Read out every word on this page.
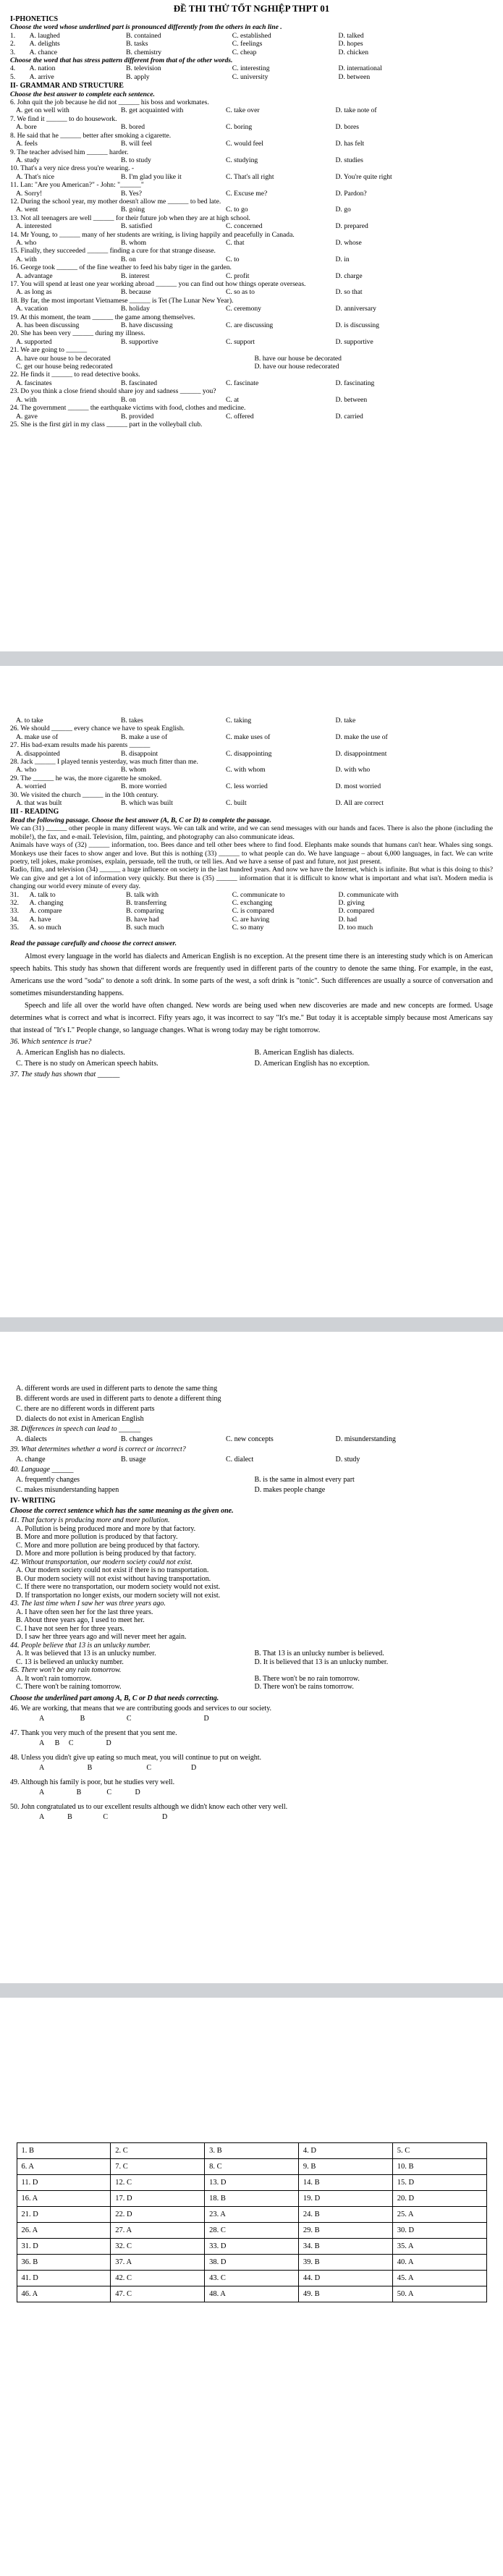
ĐỀ THI THỬ TỐT NGHIỆP THPT 01
I-PHONETICS
Choose the word whose underlined part is pronounced differently from the others in each line .
1.	A. laughed	B. contained	C. established	D. talked
2.	A. delights	B. tasks	C. feelings	D. hopes
3.	A. chance	B. chemistry	C. cheap	D. chicken
Choose the word that has stress pattern different from that of the other words.
4.	A. nation	B. television	C. interesting	D. international
5.	A. arrive	B. apply	C. university	D. between
II- GRAMMAR AND STRUCTURE
Choose the best answer to complete each sentence.
6. John quit the job because he did not ______ his boss and workmates.
A. get on well with	B. get acquainted with	C. take over	D. take note of
7. We find it ______ to do housework.
A. bore	B. bored	C. boring	D. bores
8. He said that he ______ better after smoking a cigarette.
A. feels	B. will feel	C. would feel	D. has felt
9. The teacher advised him ______ harder.
A. study	B. to study	C. studying	D. studies
10. That's a very nice dress you're wearing. -
A. That's nice	B. I'm glad you like it	C. That's all right	D. You're quite right
11. Lan: "Are you American?" - John: "______"
A. Sorry!	B. Yes?	C. Excuse me?	D. Pardon?
12. During the school year, my mother doesn't allow me ______ to bed late.
A. went	B. going	C. to go	D. go
13. Not all teenagers are well ______ for their future job when they are at high school.
A. interested	B. satisfied	C. concerned	D. prepared
14. Mr Young, to ______ many of her students are writing, is living happily and peacefully in Canada.
A. who	B. whom	C. that	D. whose
15. Finally, they succeeded ______ finding a cure for that strange disease.
A. with	B. on	C. to	D. in
16. George took ______ of the fine weather to feed his baby tiger in the garden.
A. advantage	B. interest	C. profit	D. charge
17. You will spend at least one year working abroad ______ you can find out how things operate overseas.
A. as long as	B. because	C. so as to	D. so that
18. By far, the most important Vietnamese ______ is Tet (The Lunar New Year).
A. vacation	B. holiday	C. ceremony	D. anniversary
19. At this moment, the team ______ the game among themselves.
A. has been discussing	B. have discussing	C. are discussing	D. is discussing
20. She has been very ______ during my illness.
A. supported	B. supportive	C. support	D. supportive
21. We are going to ______
A. have our house to be decorated	B. have our house be decorated
C. get our house being redecorated	D. have our house redecorated
22. He finds it ______ to read detective books.
A. fascinates	B. fascinated	C. fascinate	D. fascinating
23. Do you think a close friend should share joy and sadness ______ you?
A. with	B. on	C. at	D. between
24. The government ______ the earthquake victims with food, clothes and medicine.
A. gave	B. provided	C. offered	D. carried
25. She is the first girl in my class ______ part in the volleyball club.
A. to take	B. takes	C. taking	D. take
26. We should ______ every chance we have to speak English.
A. make use of	B. make a use of	C. make uses of	D. make the use of
27. His bad-exam results made his parents ______
A. disappointed	B. disappoint	C. disappointing	D. disappointment
28. Jack ______ I played tennis yesterday, was much fitter than me.
A. who	B. whom	C. with whom	D. with who
29. The ______ he was, the more cigarette he smoked.
A. worried	B. more worried	C. less worried	D. most worried
30. We visited the church ______ in the 10th century.
A. that was built	B. which was built	C. built	D. All are correct
III - READING
Read the following passage. Choose the best answer (A, B, C or D) to complete the passage.

We can (31) ______ other people in many different ways. We can talk and write, and we can send messages with our hands and faces. There is also the phone (including the mobile!), the fax, and e-mail. Television, film, painting, and photography can also communicate ideas.

Animals have ways of (32) ______ information, too. Bees dance and tell other bees where to find food. Elephants make sounds that humans can't hear. Whales sing songs. Monkeys use their faces to show anger and love. But this is nothing (33) ______ to what people can do. We have language – about 6,000 languages, in fact. We can write poetry, tell jokes, make promises, explain, persuade, tell the truth, or tell lies. And we have a sense of past and future, not just present.

Radio, film, and television (34) ______ a huge influence on society in the last hundred years. And now we have the Internet, which is infinite. But what is this doing to this? We can give and get a lot of information very quickly. But there is (35) ______ information that it is difficult to know what is important and what isn't. Modern media is changing our world every minute of every day.

31.	A. talk to	B. talk with	C. communicate to	D. communicate with
32.	A. changing	B. transferring	C. exchanging	D. giving
33.	A. compare	B. comparing	C. is compared	D. compared
34.	A. have	B. have had	C. are having	D. had
35.	A. so much	B. such much	C. so many	D. too much
Read the passage carefully and choose the correct answer.

Almost every language in the world has dialects and American English is no exception. At the present time there is an interesting study which is on American speech habits. This study has shown that different words are frequently used in different parts of the country to denote the same thing. For example, in the east, Americans use the word "soda" to denote a soft drink. In some parts of the west, a soft drink is "tonic". Such differences are usually a source of conversation and sometimes misunderstanding happens.

Speech and life all over the world have often changed. New words are being used when new discoveries are made and new concepts are formed. Usage determines what is correct and what is incorrect. Fifty years ago, it was incorrect to say "It's me." But today it is acceptable simply because most Americans say that instead of "It's I." People change, so language changes. What is wrong today may be right tomorrow.

36. Which sentence is true?
A. American English has no dialects.	B. American English has dialects.
C. There is no study on American speech habits.	D. American English has no exception.
37. The study has shown that ______
A. different words are used in different parts to denote the same thing
B. different words are used in different parts to denote a different thing
C. there are no different words in different parts
D. dialects do not exist in American English
38. Differences in speech can lead to ______
A. dialects	B. changes	C. new concepts	D. misunderstanding
39. What determines whether a word is correct or incorrect?
A. change	B. usage	C. dialect	D. study
40. Language ______
A. frequently changes	B. is the same in almost every part
C. makes misunderstanding happen	D. makes people change
IV- WRITING
Choose the correct sentence which has the same meaning as the given one.
41. That factory is producing more and more pollution.
A. Pollution is being produced more and more by that factory.
B. More and more pollution is produced by that factory.
C. More and more pollution are being produced by that factory.
D. More and more pollution is being produced by that factory.
42. Without transportation, our modern society could not exist.
A. Our modern society could not exist if there is no transportation.
B. Our modern society will not exist without having transportation.
C. If there were no transportation, our modern society would not exist.
D. If transportation no longer exists, our modern society will not exist.
43. The last time when I saw her was three years ago.
A. I have often seen her for the last three years.
B. About three years ago, I used to meet her.
C. I have not seen her for three years.
D. I saw her three years ago and will never meet her again.
44. People believe that 13 is an unlucky number.
A. It was believed that 13 is an unlucky number.	B. That 13 is an unlucky number is believed.
C. 13 is believed an unlucky number.	D. It is believed that 13 is an unlucky number.
45. There won't be any rain tomorrow.
A. It won't rain tomorrow.	B. There won't be no rain tomorrow.
C. There won't be raining tomorrow.	D. There won't be rains tomorrow.
Choose the underlined part among A, B, C or D that needs correcting.
46. We are working, that means that we are contributing goods and services to our society.
A                    B                       C                                        D
47. Thank you very much of the present that you sent me.
A      B     C                  D
48. Unless you didn't give up eating so much meat, you will continue to put on weight.
A                        B                              C                      D
49. Although his family is poor, but he studies very well.
A                  B              C             D
50. John congratulated us to our excellent results although we didn't know each other very well.
A             B                 C                              D
1. B	2. C	3. B	4. D	5. C
6. A	7. C	8. C	9. B	10. B
11. D	12. C	13. D	14. B	15. D
16. A	17. D	18. B	19. D	20. D
21. D	22. D	23. A	24. B	25. A
26. A	27. A	28. C	29. B	30. D
31. D	32. C	33. D	34. B	35. A
36. B	37. A	38. D	39. B	40. A
41. D	42. C	43. C	44. D	45. A
46. A	47. C	48. A	49. B	50. A
